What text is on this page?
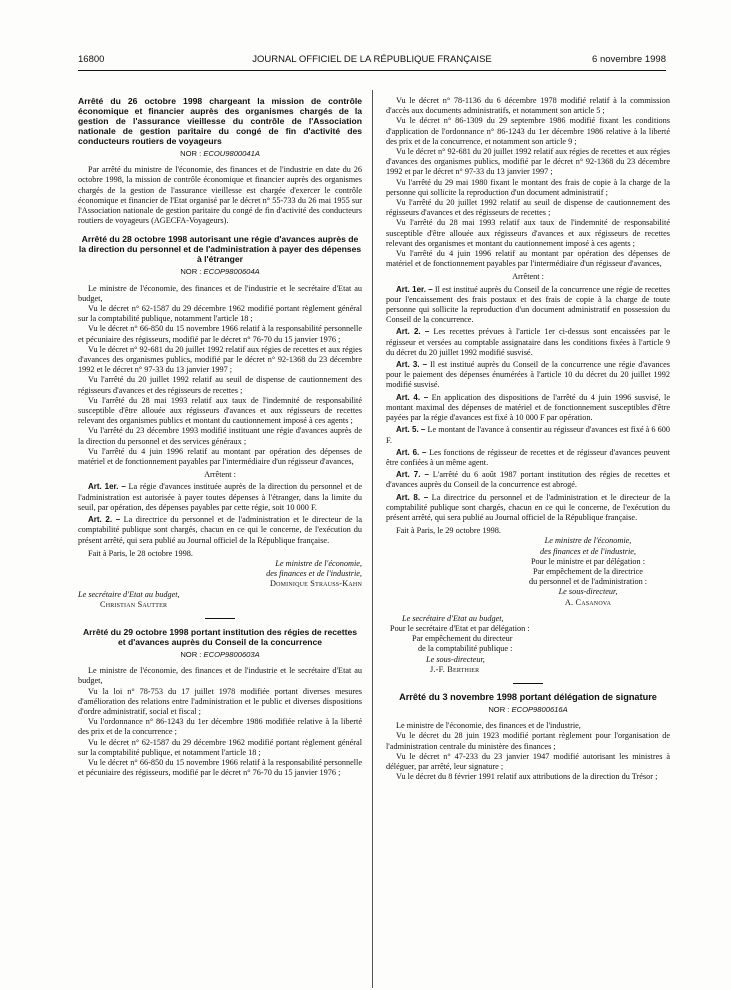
16800	JOURNAL OFFICIEL DE LA RÉPUBLIQUE FRANÇAISE	6 novembre 1998
Arrêté du 26 octobre 1998 chargeant la mission de contrôle économique et financier auprès des organismes chargés de la gestion de l'assurance vieillesse du contrôle de l'Association nationale de gestion paritaire du congé de fin d'activité des conducteurs routiers de voyageurs
NOR : ECOU9800041A

Par arrêté du ministre de l'économie, des finances et de l'industrie en date du 26 octobre 1998, la mission de contrôle économique et financier auprès des organismes chargés de la gestion de l'assurance vieillesse est chargée d'exercer le contrôle économique et financier de l'Etat organisé par le décret n° 55-733 du 26 mai 1955 sur l'Association nationale de gestion paritaire du congé de fin d'activité des conducteurs routiers de voyageurs (AGECFA-Voyageurs).

Arrêté du 28 octobre 1998 autorisant une régie d'avances auprès de la direction du personnel et de l'administration à payer des dépenses à l'étranger
NOR : ECOP9800604A

Le ministre de l'économie, des finances et de l'industrie et le secrétaire d'Etat au budget,

Vu le décret n° 62-1587 du 29 décembre 1962 modifié portant règlement général sur la comptabilité publique, notamment l'article 18 ;

Vu le décret n° 66-850 du 15 novembre 1966 relatif à la responsabilité personnelle et pécuniaire des régisseurs, modifié par le décret n° 76-70 du 15 janvier 1976 ;

Vu le décret n° 92-681 du 20 juillet 1992 relatif aux régies de recettes et aux régies d'avances des organismes publics, modifié par le décret n° 92-1368 du 23 décembre 1992 et le décret n° 97-33 du 13 janvier 1997 ;

Vu l'arrêté du 20 juillet 1992 relatif au seuil de dispense de cautionnement des régisseurs d'avances et des régisseurs de recettes ;

Vu l'arrêté du 28 mai 1993 relatif aux taux de l'indemnité de responsabilité susceptible d'être allouée aux régisseurs d'avances et aux régisseurs de recettes relevant des organismes publics et montant du cautionnement imposé à ces agents ;

Vu l'arrêté du 23 décembre 1993 modifié instituant une régie d'avances auprès de la direction du personnel et des services généraux ;

Vu l'arrêté du 4 juin 1996 relatif au montant par opération des dépenses de matériel et de fonctionnement payables par l'intermédiaire d'un régisseur d'avances,

Arrêtent :

Art. 1er. – La régie d'avances instituée auprès de la direction du personnel et de l'administration est autorisée à payer toutes dépenses à l'étranger, dans la limite du seuil, par opération, des dépenses payables par cette régie, soit 10 000 F.

Art. 2. – La directrice du personnel et de l'administration et le directeur de la comptabilité publique sont chargés, chacun en ce qui le concerne, de l'exécution du présent arrêté, qui sera publié au Journal officiel de la République française.

Fait à Paris, le 28 octobre 1998.

Le ministre de l'économie,

des finances et de l'industrie,

Dominique Strauss-Kahn

Le secrétaire d'Etat au budget,

Christian Sautter

Arrêté du 29 octobre 1998 portant institution des régies de recettes et d'avances auprès du Conseil de la concurrence
NOR : ECOP9800603A

Le ministre de l'économie, des finances et de l'industrie et le secrétaire d'Etat au budget,

Vu la loi n° 78-753 du 17 juillet 1978 modifiée portant diverses mesures d'amélioration des relations entre l'administration et le public et diverses dispositions d'ordre administratif, social et fiscal ;

Vu l'ordonnance n° 86-1243 du 1er décembre 1986 modifiée relative à la liberté des prix et de la concurrence ;

Vu le décret n° 62-1587 du 29 décembre 1962 modifié portant règlement général sur la comptabilité publique, et notamment l'article 18 ;

Vu le décret n° 66-850 du 15 novembre 1966 relatif à la responsabilité personnelle et pécuniaire des régisseurs, modifié par le décret n° 76-70 du 15 janvier 1976 ;

Vu le décret n° 78-1136 du 6 décembre 1978 modifié relatif à la commission d'accès aux documents administratifs, et notamment son article 5 ;

Vu le décret n° 86-1309 du 29 septembre 1986 modifié fixant les conditions d'application de l'ordonnance n° 86-1243 du 1er décembre 1986 relative à la liberté des prix et de la concurrence, et notamment son article 9 ;

Vu le décret n° 92-681 du 20 juillet 1992 relatif aux régies de recettes et aux régies d'avances des organismes publics, modifié par le décret n° 92-1368 du 23 décembre 1992 et par le décret n° 97-33 du 13 janvier 1997 ;

Vu l'arrêté du 29 mai 1980 fixant le montant des frais de copie à la charge de la personne qui sollicite la reproduction d'un document administratif ;

Vu l'arrêté du 20 juillet 1992 relatif au seuil de dispense de cautionnement des régisseurs d'avances et des régisseurs de recettes ;

Vu l'arrêté du 28 mai 1993 relatif aux taux de l'indemnité de responsabilité susceptible d'être allouée aux régisseurs d'avances et aux régisseurs de recettes relevant des organismes et montant du cautionnement imposé à ces agents ;

Vu l'arrêté du 4 juin 1996 relatif au montant par opération des dépenses de matériel et de fonctionnement payables par l'intermédiaire d'un régisseur d'avances,

Arrêtent :

Art. 1er. – Il est institué auprès du Conseil de la concurrence une régie de recettes pour l'encaissement des frais postaux et des frais de copie à la charge de toute personne qui sollicite la reproduction d'un document administratif en possession du Conseil de la concurrence.

Art. 2. – Les recettes prévues à l'article 1er ci-dessus sont encaissées par le régisseur et versées au comptable assignataire dans les conditions fixées à l'article 9 du décret du 20 juillet 1992 modifié susvisé.

Art. 3. – Il est institué auprès du Conseil de la concurrence une régie d'avances pour le paiement des dépenses énumérées à l'article 10 du décret du 20 juillet 1992 modifié susvisé.

Art. 4. – En application des dispositions de l'arrêté du 4 juin 1996 susvisé, le montant maximal des dépenses de matériel et de fonctionnement susceptibles d'être payées par la régie d'avances est fixé à 10 000 F par opération.

Art. 5. – Le montant de l'avance à consentir au régisseur d'avances est fixé à 6 600 F.

Art. 6. – Les fonctions de régisseur de recettes et de régisseur d'avances peuvent être confiées à un même agent.

Art. 7. – L'arrêté du 6 août 1987 portant institution des régies de recettes et d'avances auprès du Conseil de la concurrence est abrogé.

Art. 8. – La directrice du personnel et de l'administration et le directeur de la comptabilité publique sont chargés, chacun en ce qui le concerne, de l'exécution du présent arrêté, qui sera publié au Journal officiel de la République française.

Fait à Paris, le 29 octobre 1998.

Le ministre de l'économie,
des finances et de l'industrie,
Pour le ministre et par délégation :
Par empêchement de la directrice
du personnel et de l'administration :
Le sous-directeur,
A. Casanova
Le secrétaire d'Etat au budget,
Pour le secrétaire d'Etat et par délégation :
Par empêchement du directeur
de la comptabilité publique :
Le sous-directeur,
J.-F. Berthier
Arrêté du 3 novembre 1998 portant délégation de signature
NOR : ECOP9800616A

Le ministre de l'économie, des finances et de l'industrie,

Vu le décret du 28 juin 1923 modifié portant règlement pour l'organisation de l'administration centrale du ministère des finances ;

Vu le décret n° 47-233 du 23 janvier 1947 modifié autorisant les ministres à déléguer, par arrêté, leur signature ;

Vu le décret du 8 février 1991 relatif aux attributions de la direction du Trésor ;
